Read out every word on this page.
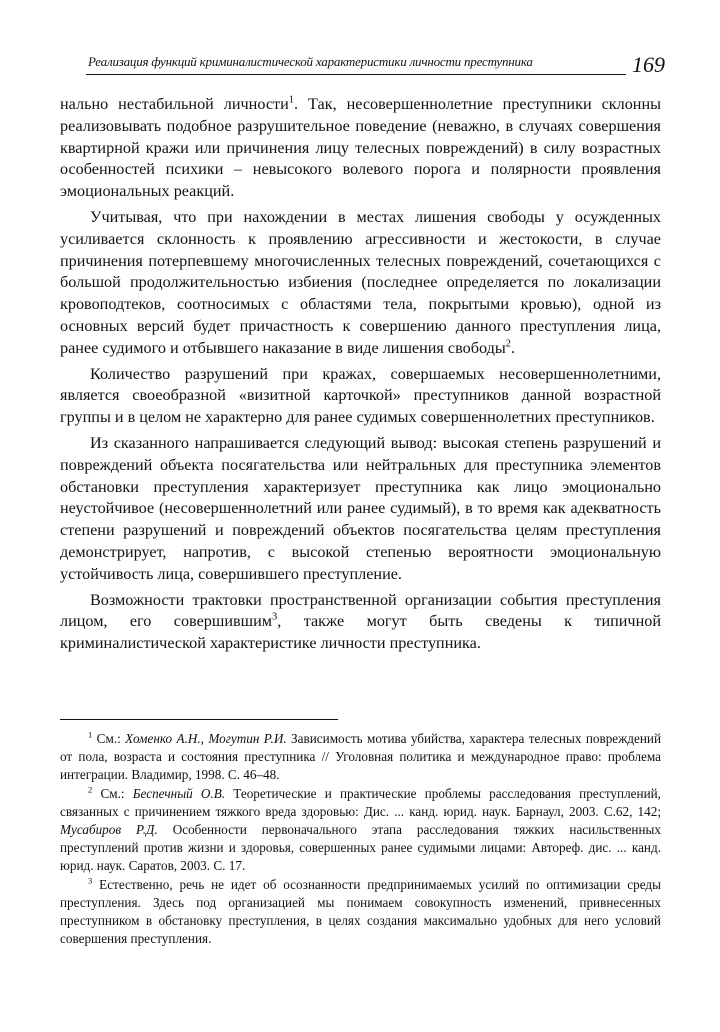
Реализация функций криминалистической характеристики личности преступника	169

нально нестабильной личности$^1$. Так, несовершеннолетние преступники склонны реализовывать подобное разрушительное поведение (неважно, в случаях совершения квартирной кражи или причинения лицу телесных повреждений) в силу возрастных особенностей психики – невысокого волевого порога и полярности проявления эмоциональных реакций.

Учитывая, что при нахождении в местах лишения свободы у осужденных усиливается склонность к проявлению агрессивности и жестокости, в случае причинения потерпевшему многочисленных телесных повреждений, сочетающихся с большой продолжительностью избиения (последнее определяется по локализации кровоподтеков, соотносимых с областями тела, покрытыми кровью), одной из основных версий будет причастность к совершению данного преступления лица, ранее судимого и отбывшего наказание в виде лишения свободы$^2$.

Количество разрушений при кражах, совершаемых несовершеннолетними, является своеобразной «визитной карточкой» преступников данной возрастной группы и в целом не характерно для ранее судимых совершеннолетних преступников.

Из сказанного напрашивается следующий вывод: высокая степень разрушений и повреждений объекта посягательства или нейтральных для преступника элементов обстановки преступления характеризует преступника как лицо эмоционально неустойчивое (несовершеннолетний или ранее судимый), в то время как адекватность степени разрушений и повреждений объектов посягательства целям преступления демонстрирует, напротив, с высокой степенью вероятности эмоциональную устойчивость лица, совершившего преступление.

Возможности трактовки пространственной организации события преступления лицом, его совершившим$^3$, также могут быть сведены к типичной криминалистической характеристике личности преступника.

$^1$ См.: Хоменко А.Н., Могутин Р.И. Зависимость мотива убийства, характера телесных повреждений от пола, возраста и состояния преступника // Уголовная политика и международное право: проблема интеграции. Владимир, 1998. С. 46–48.

$^2$ См.: Беспечный О.В. Теоретические и практические проблемы расследования преступлений, связанных с причинением тяжкого вреда здоровью: Дис. ... канд. юрид. наук. Барнаул, 2003. С.62, 142; Мусабиров Р.Д. Особенности первоначального этапа расследования тяжких насильственных преступлений против жизни и здоровья, совершенных ранее судимыми лицами: Автореф. дис. ... канд. юрид. наук. Саратов, 2003. С. 17.

$^3$ Естественно, речь не идет об осознанности предпринимаемых усилий по оптимизации среды преступления. Здесь под организацией мы понимаем совокупность изменений, привнесенных преступником в обстановку преступления, в целях создания максимально удобных для него условий совершения преступления.
